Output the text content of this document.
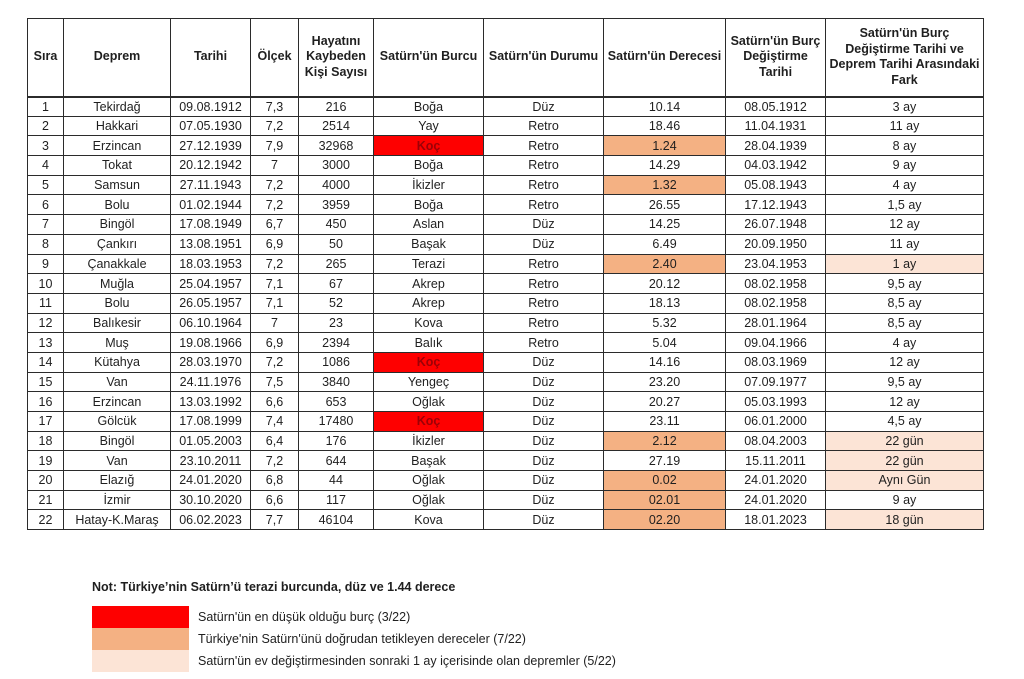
Sıra	Deprem	Tarihi	Ölçek	Hayatını Kaybeden Kişi Sayısı	Satürn'ün Burcu	Satürn'ün Durumu	Satürn'ün Derecesi	Satürn'ün Burç Değiştirme Tarihi	Satürn'ün Burç Değiştirme Tarihi ve Deprem Tarihi Arasındaki Fark
1	Tekirdağ	09.08.1912	7,3	216	Boğa	Düz	10.14	08.05.1912	3 ay
2	Hakkari	07.05.1930	7,2	2514	Yay	Retro	18.46	11.04.1931	11 ay
3	Erzincan	27.12.1939	7,9	32968	Koç	Retro	1.24	28.04.1939	8 ay
4	Tokat	20.12.1942	7	3000	Boğa	Retro	14.29	04.03.1942	9 ay
5	Samsun	27.11.1943	7,2	4000	İkizler	Retro	1.32	05.08.1943	4 ay
6	Bolu	01.02.1944	7,2	3959	Boğa	Retro	26.55	17.12.1943	1,5 ay
7	Bingöl	17.08.1949	6,7	450	Aslan	Düz	14.25	26.07.1948	12 ay
8	Çankırı	13.08.1951	6,9	50	Başak	Düz	6.49	20.09.1950	11 ay
9	Çanakkale	18.03.1953	7,2	265	Terazi	Retro	2.40	23.04.1953	1 ay
10	Muğla	25.04.1957	7,1	67	Akrep	Retro	20.12	08.02.1958	9,5 ay
11	Bolu	26.05.1957	7,1	52	Akrep	Retro	18.13	08.02.1958	8,5 ay
12	Balıkesir	06.10.1964	7	23	Kova	Retro	5.32	28.01.1964	8,5 ay
13	Muş	19.08.1966	6,9	2394	Balık	Retro	5.04	09.04.1966	4 ay
14	Kütahya	28.03.1970	7,2	1086	Koç	Düz	14.16	08.03.1969	12 ay
15	Van	24.11.1976	7,5	3840	Yengeç	Düz	23.20	07.09.1977	9,5 ay
16	Erzincan	13.03.1992	6,6	653	Oğlak	Düz	20.27	05.03.1993	12 ay
17	Gölcük	17.08.1999	7,4	17480	Koç	Düz	23.11	06.01.2000	4,5 ay
18	Bingöl	01.05.2003	6,4	176	İkizler	Düz	2.12	08.04.2003	22 gün
19	Van	23.10.2011	7,2	644	Başak	Düz	27.19	15.11.2011	22 gün
20	Elazığ	24.01.2020	6,8	44	Oğlak	Düz	0.02	24.01.2020	Aynı Gün
21	İzmir	30.10.2020	6,6	117	Oğlak	Düz	02.01	24.01.2020	9 ay
22	Hatay-K.Maraş	06.02.2023	7,7	46104	Kova	Düz	02.20	18.01.2023	18 gün
Not: Türkiye’nin Satürn’ü terazi burcunda, düz ve 1.44 derece
Satürn'ün en düşük olduğu burç (3/22)
Türkiye'nin Satürn'ünü doğrudan tetikleyen dereceler (7/22)
Satürn'ün ev değiştirmesinden sonraki 1 ay içerisinde olan depremler (5/22)
